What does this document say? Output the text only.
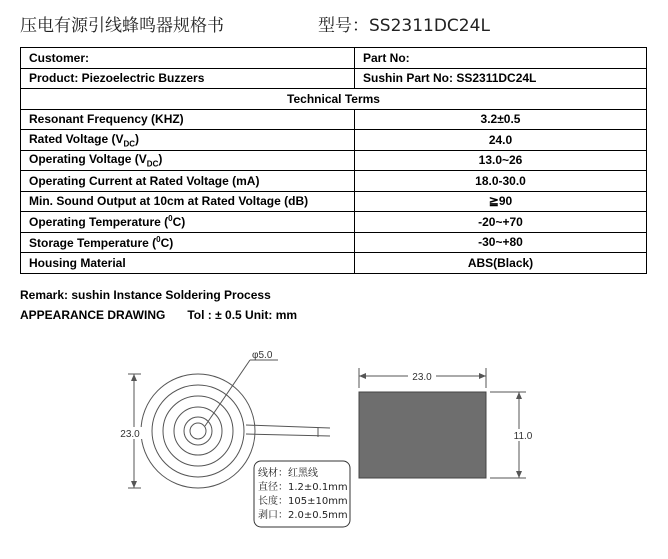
压电有源引线蜂鸣器规格书	型号：SS2311DC24L
Customer:	Part No:
Product: Piezoelectric Buzzers	Sushin Part No: SS2311DC24L
Technical Terms	
Resonant Frequency (KHZ)	3.2±0.5
Rated Voltage $(V_{DC})$	24.0
Operating Voltage $(V_{DC})$	13.0~26
Operating Current at Rated Voltage (mA)	18.0-30.0
Min. Sound Output at 10cm at Rated Voltage (dB)	≧90
Operating Temperature ($^0$C)	-20~+70
Storage Temperature ($^0$C)	-30~+80
Housing Material	ABS(Black)
Remark: sushin Instance Soldering Process
APPEARANCE DRAWING Tol : ± 0.5 Unit: mm
23.0
φ5.0
23.0
11.0
线材：红黑线
直径：1.2±0.1mm
长度：105±10mm
剥口：2.0±0.5mm
